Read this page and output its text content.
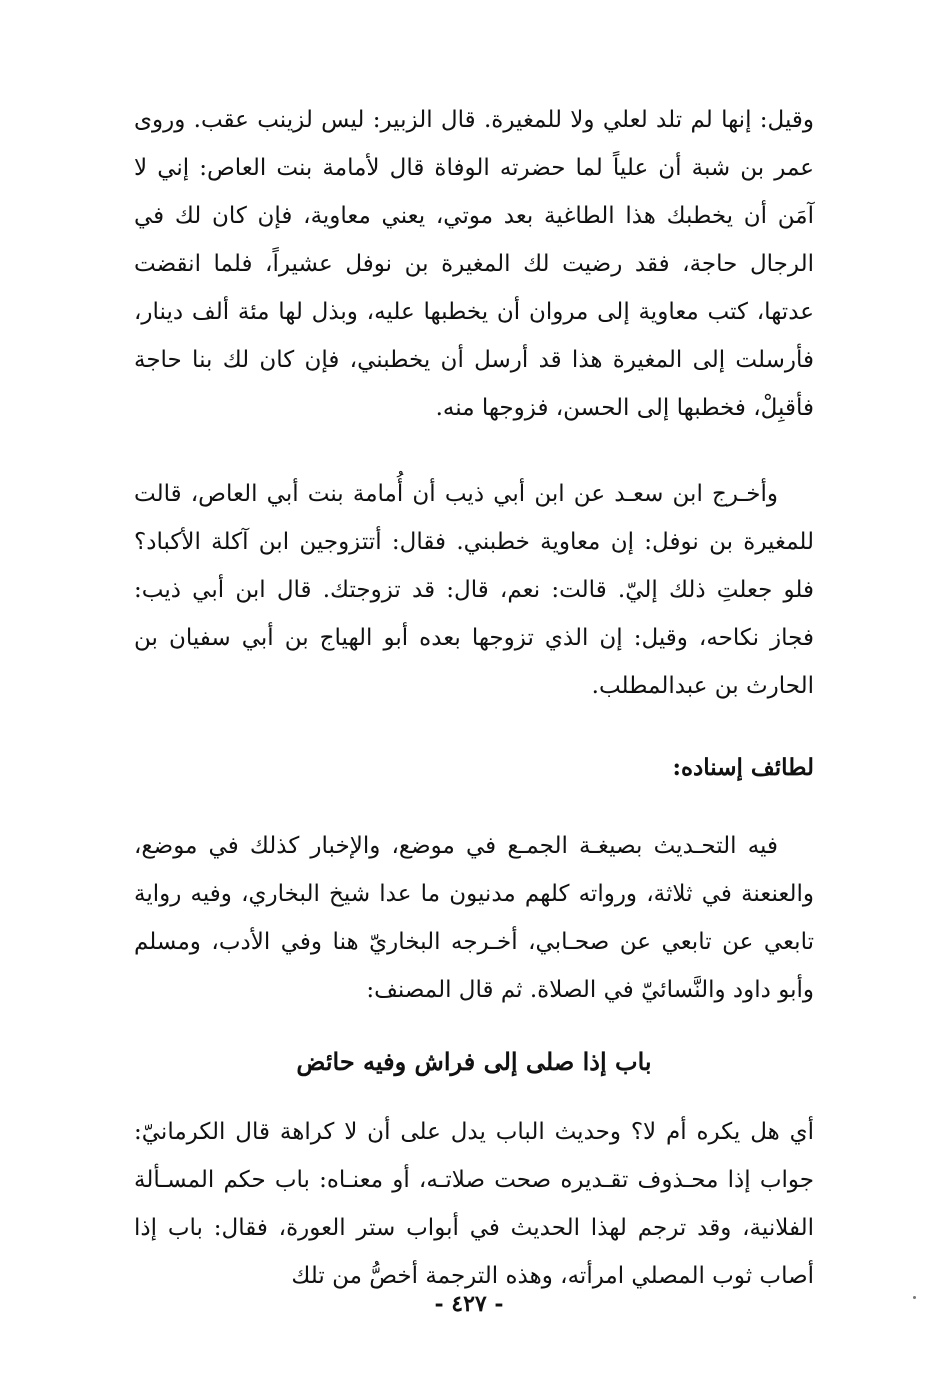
وقيل: إنها لم تلد لعلي ولا للمغيرة. قال الزبير: ليس لزينب عقب. وروى عمر بن شبة أن علياً لما حضرته الوفاة قال لأمامة بنت العاص: إني لا آمَن أن يخطبك هذا الطاغية بعد موتي، يعني معاوية، فإن كان لك في الرجال حاجة، فقد رضيت لك المغيرة بن نوفل عشيراً، فلما انقضت عدتها، كتب معاوية إلى مروان أن يخطبها عليه، وبذل لها مئة ألف دينار، فأرسلت إلى المغيرة هذا قد أرسل أن يخطبني، فإن كان لك بنا حاجة فأقبِلْ، فخطبها إلى الحسن، فزوجها منه.

وأخـرج ابن سعـد عن ابن أبي ذيب أن أُمامة بنت أبي العاص، قالت للمغيرة بن نوفل: إن معاوية خطبني. فقال: أتتزوجين ابن آكلة الأكباد؟ فلو جعلتِ ذلك إليّ. قالت: نعم، قال: قد تزوجتك. قال ابن أبي ذيب: فجاز نكاحه، وقيل: إن الذي تزوجها بعده أبو الهياج بن أبي سفيان بن الحارث بن عبدالمطلب.

لطائف إسناده:

فيه التحـديث بصيغـة الجمـع في موضع، والإخبار كذلك في موضع، والعنعنة في ثلاثة، ورواته كلهم مدنيون ما عدا شيخ البخاري، وفيه رواية تابعي عن تابعي عن صحـابي، أخـرجه البخاريّ هنا وفي الأدب، ومسلم وأبو داود والنَّسائيّ في الصلاة. ثم قال المصنف:

باب إذا صلى إلى فراش وفيه حائض

أي هل يكره أم لا؟ وحديث الباب يدل على أن لا كراهة قال الكرمانيّ: جواب إذا محـذوف تقـديره صحت صلاتـه، أو معنـاه: باب حكم المسـألة الفلانية، وقد ترجم لهذا الحديث في أبواب ستر العورة، فقال: باب إذا أصاب ثوب المصلي امرأته، وهذه الترجمة أخصُّ من تلك

- ٤٢٧ -
